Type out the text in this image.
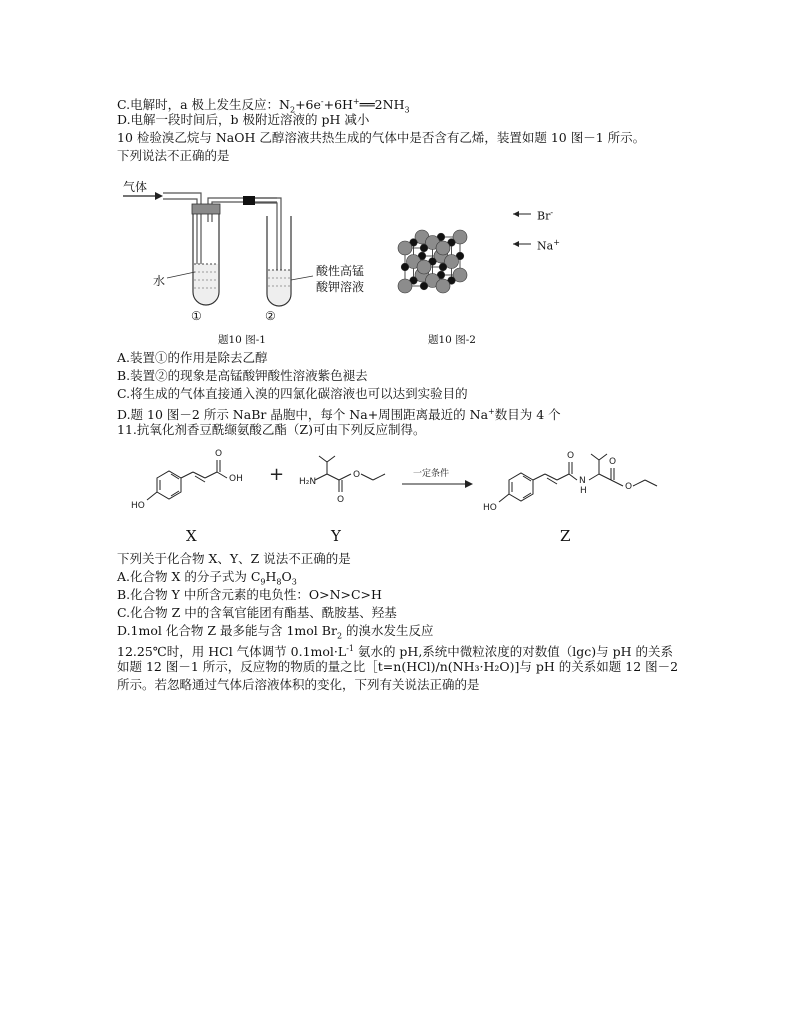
C.电解时，a 极上发生反应：$N_2+6e^-+6H^+══2NH_3$
D.电解一段时间后，b 极附近溶液的 pH 减小
10 检验溴乙烷与 NaOH 乙醇溶液共热生成的气体中是否含有乙烯，装置如题 10 图－1 所示。
下列说法不正确的是
气体
水
酸性高锰
酸钾溶液
①	②
题10 图-1
Br-
Na+
题10 图-2
A.装置①的作用是除去乙醇
B.装置②的现象是高锰酸钾酸性溶液紫色褪去
C.将生成的气体直接通入溴的四氯化碳溶液也可以达到实验目的
D.题 10 图－2 所示 NaBr 晶胞中，每个 Na+周围距离最近的 Na+数目为 4 个
11.抗氧化剂香豆酰缬氨酸乙酯（Z)可由下列反应制得。
OH
O
HO
H₂N
O
O
O
N
H
O
O
HO
一定条件
+
X	Y	Z
下列关于化合物 X、Y、Z 说法不正确的是
A.化合物 X 的分子式为 $C_9H_8O_3$
B.化合物 Y 中所含元素的电负性：O>N>C>H
C.化合物 Z 中的含氧官能团有酯基、酰胺基、羟基
D.1mol 化合物 Z 最多能与含 1mol $Br_2$ 的溴水发生反应
12.25℃时，用 HCl 气体调节 $0.1mol\cdot L^{-1}$ 氨水的 pH,系统中微粒浓度的对数值（lgc)与 pH 的关系
如题 12 图－1 所示，反应物的物质的量之比［t=n(HCl)/n(NH₃·H₂O)]与 pH 的关系如题 12 图－2
所示。若忽略通过气体后溶液体积的变化，下列有关说法正确的是
